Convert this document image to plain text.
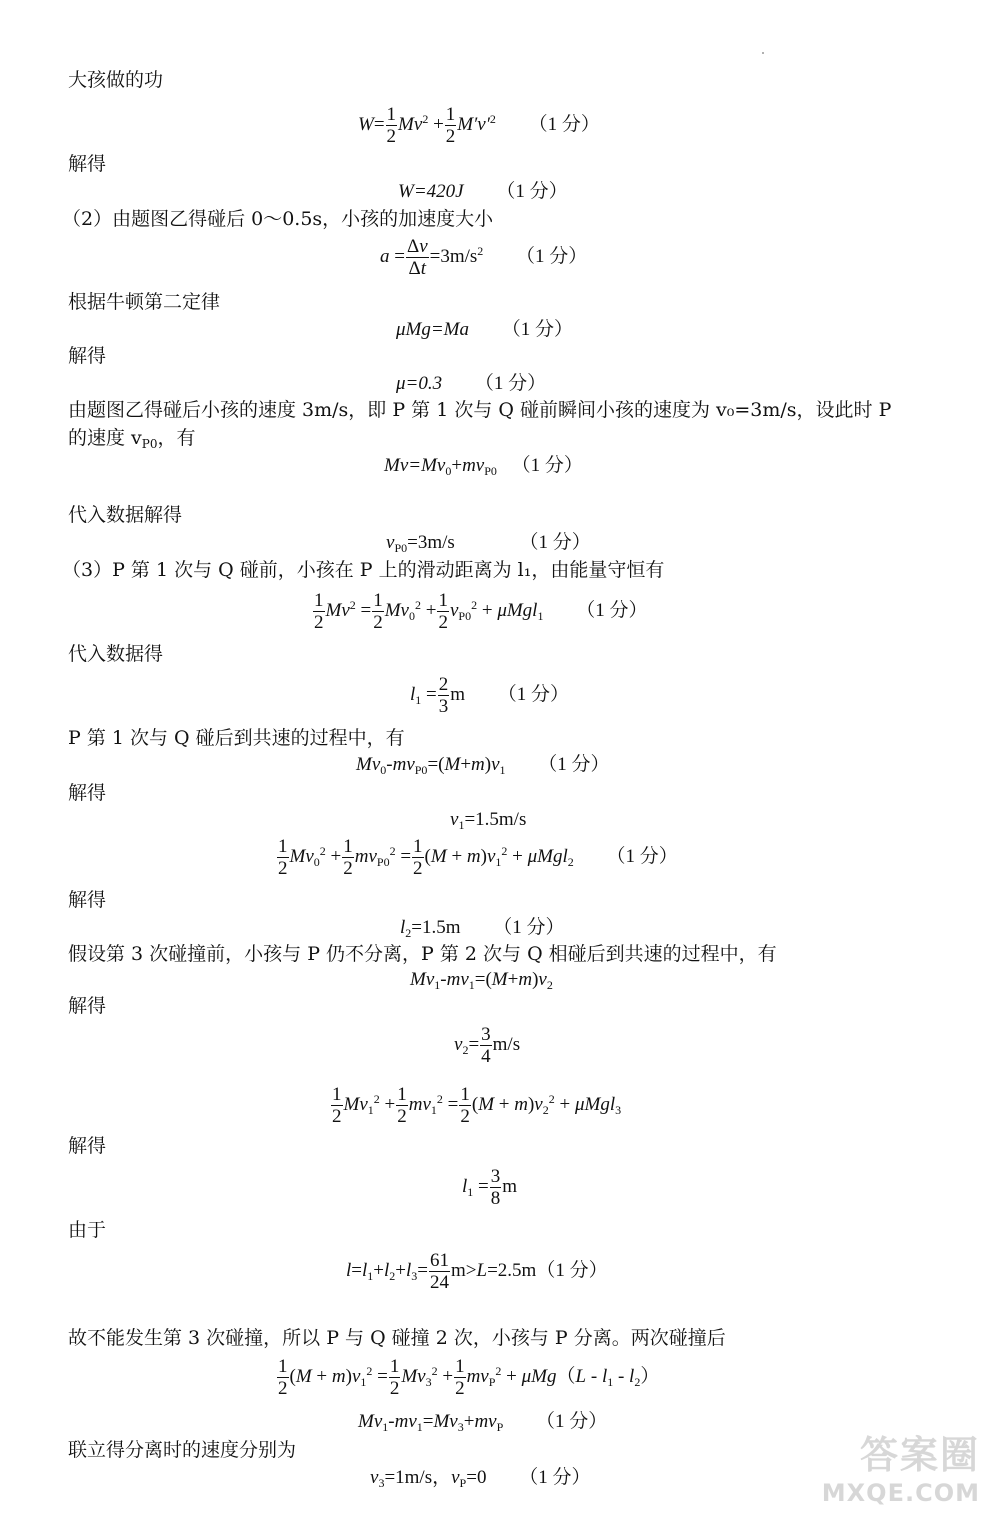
大孩做的功
$W= \frac{1}{2} Mv^2 + \frac{1}{2} M'v'^2$ （1 分）
解得
W=420J （1 分）
（2）由题图乙得碰后 0～0.5s，小孩的加速度大小
$a = \frac{\Delta v}{\Delta t} =3m/s^2$ （1 分）
根据牛顿第二定律
μMg=Ma （1 分）
解得
μ=0.3 （1 分）
由题图乙得碰后小孩的速度 3m/s，即 P 第 1 次与 Q 碰前瞬间小孩的速度为 v₀=3m/s，设此时 P
的速度 $v_{P0}$，有
$Mv=Mv_0+mv_{P0}$ （1 分）
代入数据解得
$v_{P0}=3m/s$	（1 分）
（3）P 第 1 次与 Q 碰前，小孩在 P 上的滑动距离为 l₁，由能量守恒有
$\frac{1}{2} Mv^2 = \frac{1}{2} Mv_0^2 + \frac{1}{2} v_{P0}^2 + \mu Mgl_1$ （1 分）
代入数据得
$l_1 = \frac{2}{3}$ m （1 分）
P 第 1 次与 Q 碰后到共速的过程中，有
$Mv_0-mv_{P0}=(M+m)v_1$ （1 分）
解得
$v_1=1.5m/s$
$\frac{1}{2} Mv_0^2 + \frac{1}{2} mv_{P0}^2 = \frac{1}{2} (M + m)v_1^2 + \mu Mgl_2$ （1 分）
解得
$l_2=1.5m$ （1 分）
假设第 3 次碰撞前，小孩与 P 仍不分离，P 第 2 次与 Q 相碰后到共速的过程中，有
$Mv_1-mv_1=(M+m)v_2$
解得
$v_2= \frac{3}{4} m/s$
$\frac{1}{2} Mv_1^2 + \frac{1}{2} mv_1^2 = \frac{1}{2} (M + m)v_2^2 + \mu Mgl_3$
解得
$l_1 = \frac{3}{8}$ m
由于
$l=l_1+l_2+l_3= \frac{61}{24} m>L=2.5m(1$ 分）
故不能发生第 3 次碰撞，所以 P 与 Q 碰撞 2 次，小孩与 P 分离。两次碰撞后
$\frac{1}{2} (M + m)v_1^2 = \frac{1}{2} Mv_3^2 + \frac{1}{2} mv_P^2 + \mu Mg(L - l_1 - l_2)$
$Mv_1-mv_1=Mv_3+mv_P$ （1 分）
联立得分离时的速度分别为
$v_3=1m/s$，$v_P=0$ （1 分）
答案圈
MXQE.COM
